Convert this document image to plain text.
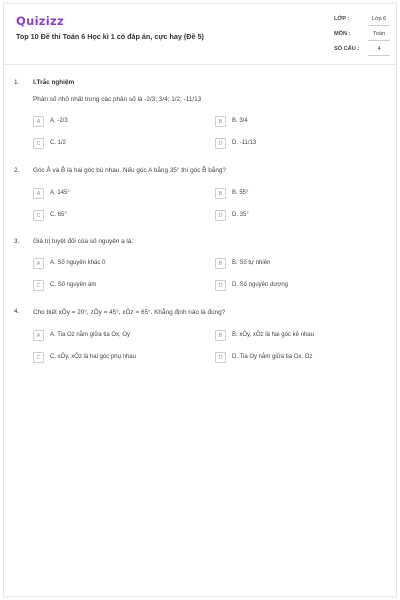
Quizizz
Top 10 Đề thi Toán 6 Học kì 1 có đáp án, cực hay (Đề 5)
LỚP :	Lớp 6
MÔN :	Toán
SỐ CÂU :	4
1. I.Trắc nghiệm
Phân số nhỏ nhất trong các phân số là -2/3; 3/4; 1/2; -11/13
A	A. -2/3	B	B. 3/4
C	C. 1/2	D	D. -11/13
2. Góc Â và B̂ là hai góc bù nhau. Nếu góc A bằng 35° thì góc B̂ bằng?
A	A. 145°	B	B. 55°
C	C. 65°	D	D. 35°
3. Giá trị tuyệt đối của số nguyên a là:
A	A. Số nguyên khác 0	B	B. Số tự nhiên
C	C. Số nguyên âm	D	D. Số nguyên dương
4. Cho biết xÔy = 20°, zÔy = 45°, xÔz = 65°. Khẳng định nào là đúng?
A	A. Tia Oz nằm giữa tia Ox, Oy	B	B. xÔy, xÔz là hai góc kề nhau
C	C. xÔy, xÔz là hai góc phụ nhau	D	D. Tia Oy nằm giữa tia Ox, Oz
